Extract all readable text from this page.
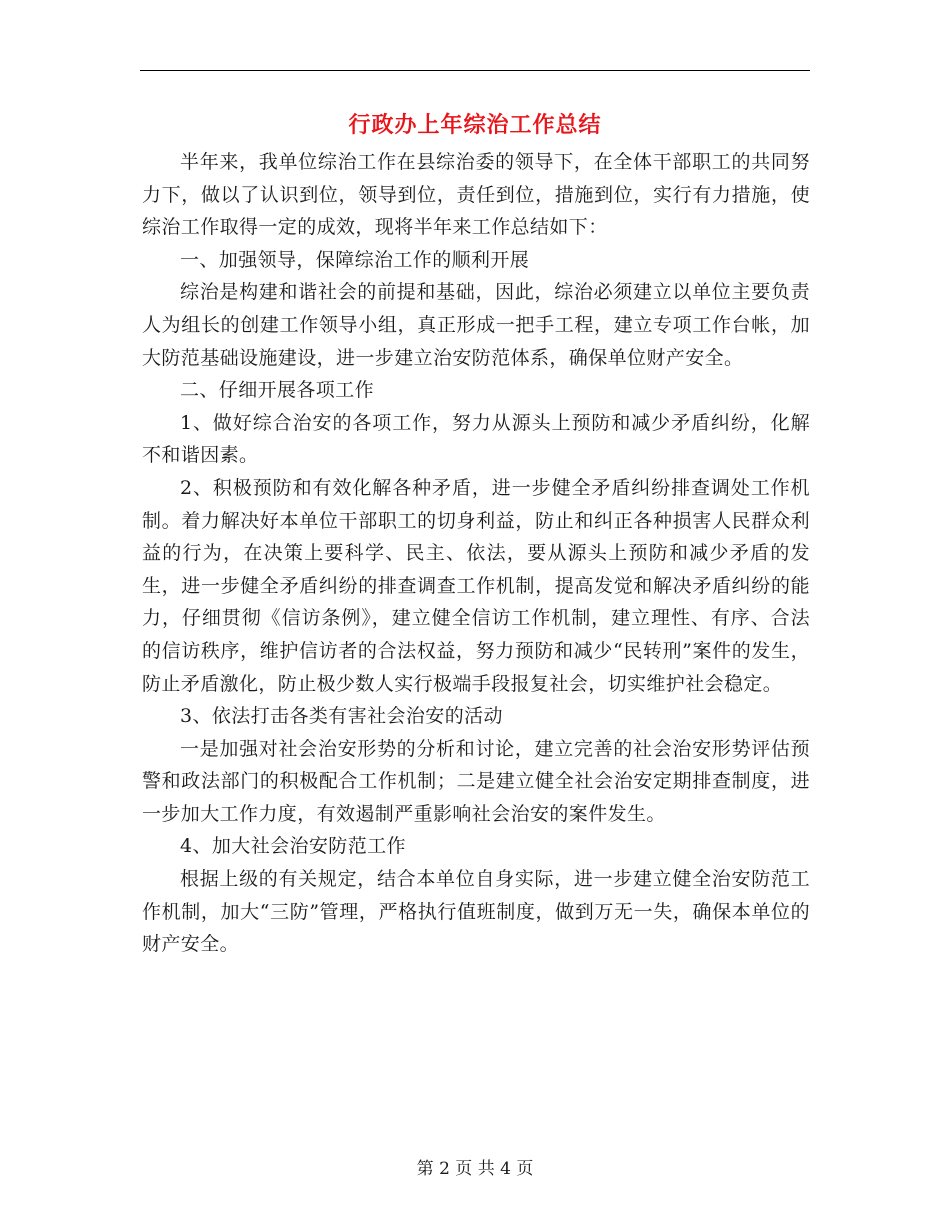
行政办上年综治工作总结

半年来，我单位综治工作在县综治委的领导下，在全体干部职工的共同努力下，做以了认识到位，领导到位，责任到位，措施到位，实行有力措施，使综治工作取得一定的成效，现将半年来工作总结如下：

一、加强领导，保障综治工作的顺利开展

综治是构建和谐社会的前提和基础，因此，综治必须建立以单位主要负责人为组长的创建工作领导小组，真正形成一把手工程，建立专项工作台帐，加大防范基础设施建设，进一步建立治安防范体系，确保单位财产安全。

二、仔细开展各项工作

1、做好综合治安的各项工作，努力从源头上预防和减少矛盾纠纷，化解不和谐因素。

2、积极预防和有效化解各种矛盾，进一步健全矛盾纠纷排查调处工作机制。着力解决好本单位干部职工的切身利益，防止和纠正各种损害人民群众利益的行为，在决策上要科学、民主、依法，要从源头上预防和减少矛盾的发生，进一步健全矛盾纠纷的排查调查工作机制，提高发觉和解决矛盾纠纷的能力，仔细贯彻《信访条例》，建立健全信访工作机制，建立理性、有序、合法的信访秩序，维护信访者的合法权益，努力预防和减少“民转刑”案件的发生，防止矛盾激化，防止极少数人实行极端手段报复社会，切实维护社会稳定。

3、依法打击各类有害社会治安的活动

一是加强对社会治安形势的分析和讨论，建立完善的社会治安形势评估预警和政法部门的积极配合工作机制；二是建立健全社会治安定期排查制度，进一步加大工作力度，有效遏制严重影响社会治安的案件发生。

4、加大社会治安防范工作

根据上级的有关规定，结合本单位自身实际，进一步建立健全治安防范工作机制，加大“三防”管理，严格执行值班制度，做到万无一失，确保本单位的财产安全。

第 2 页 共 4 页
